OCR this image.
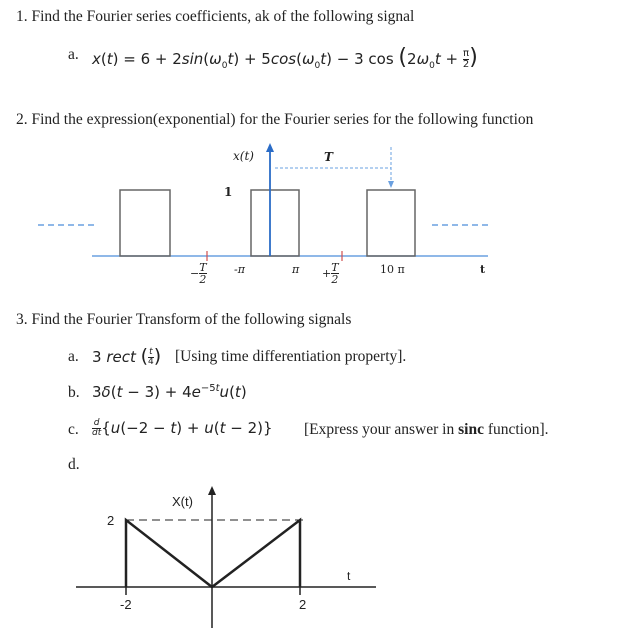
1. Find the Fourier series coefficients, ak of the following signal
a. $x(t) = 6 + 2\sin(\omega_0t) + 5\cos(\omega_0t) - 3$ $\cos (2\omega_0t + \frac{\pi}{2}$ )
2. Find the expression(exponential) for the Fourier series for the following function
x(t)	T
1
− $\frac{T}{2} -\pi$	$\pi + \frac{T}{2}$	10 π	t
3. Find the Fourier Transform of the following signals
a. 3 rect ( $\frac{t}{4}$ ) [Using time differentiation property].
b. $3\delta(t - 3) + 4e^{-5t}u(t)$
c. $\frac{d}{dt} \{u(-2 - t) + u(t - 2)\}$ [Express your answer in sinc function].
d.
X(t)
2
-2	2
t
